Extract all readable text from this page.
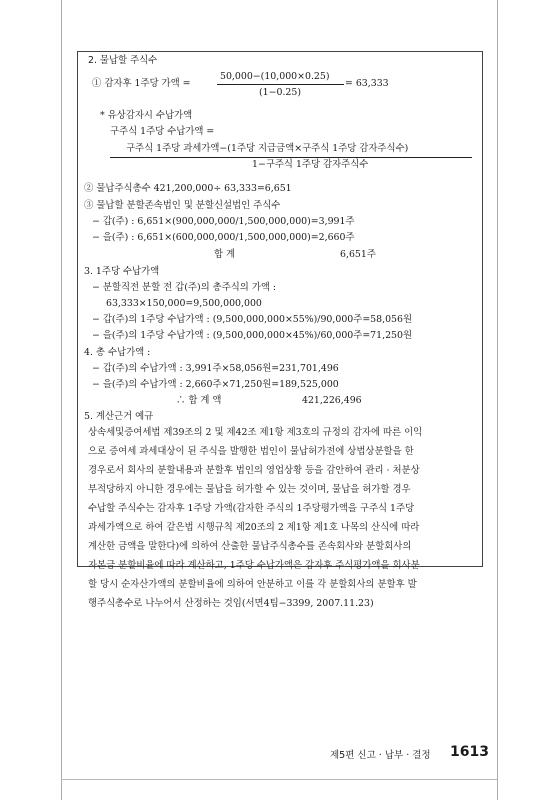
2. 물납할 주식수
① 감자후 1주당 가액 =
50,000−(10,000×0.25)
(1−0.25)
= 63,333
* 유상감자시 수납가액
구주식 1주당 수납가액 =
구주식 1주당 과세가액−(1주당 지급금액×구주식 1주당 감자주식수)
1−구주식 1주당 감자주식수
② 물납주식총수 421,200,000÷ 63,333=6,651
③ 물납할 분할존속법인 및 분할신설법인 주식수
− 갑(주) : 6,651×(900,000,000/1,500,000,000)=3,991주
− 을(주) : 6,651×(600,000,000/1,500,000,000)=2,660주
합 계	6,651주
3. 1주당 수납가액
− 분할직전 분할 전 갑(주)의 총주식의 가액 :
63,333×150,000=9,500,000,000
− 갑(주)의 1주당 수납가액 : (9,500,000,000×55%)/90,000주=58,056원
− 을(주)의 1주당 수납가액 : (9,500,000,000×45%)/60,000주=71,250원
4. 총 수납가액 :
− 갑(주)의 수납가액 : 3,991주×58,056원=231,701,496
− 을(주)의 수납가액 : 2,660주×71,250원=189,525,000
∴ 합 계 액	421,226,496
5. 계산근거 예규
상속세및증여세법 제39조의 2 및 제42조 제1항 제3호의 규정의 감자에 따른 이익
으로 증여세 과세대상이 된 주식을 발행한 법인이 물납허가전에 상법상분할을 한
경우로서 회사의 분할내용과 분할후 법인의 영업상황 등을 감안하여 관리 · 처분상
부적당하지 아니한 경우에는 물납을 허가할 수 있는 것이며, 물납을 허가할 경우
수납할 주식수는 감자후 1주당 가액(감자한 주식의 1주당평가액을 구주식 1주당
과세가액으로 하여 같은법 시행규칙 제20조의 2 제1항 제1호 나목의 산식에 따라
계산한 금액을 말한다)에 의하여 산출한 물납주식총수를 존속회사와 분할회사의
자본금 분할비율에 따라 계산하고, 1주당 수납가액은 감자후 주식평가액을 회사분
할 당시 순자산가액의 분할비율에 의하여 안분하고 이를 각 분할회사의 분할후 발
행주식총수로 나누어서 산정하는 것임(서면4팀−3399, 2007.11.23)
제5편 신고 · 납부 · 결정 1613
